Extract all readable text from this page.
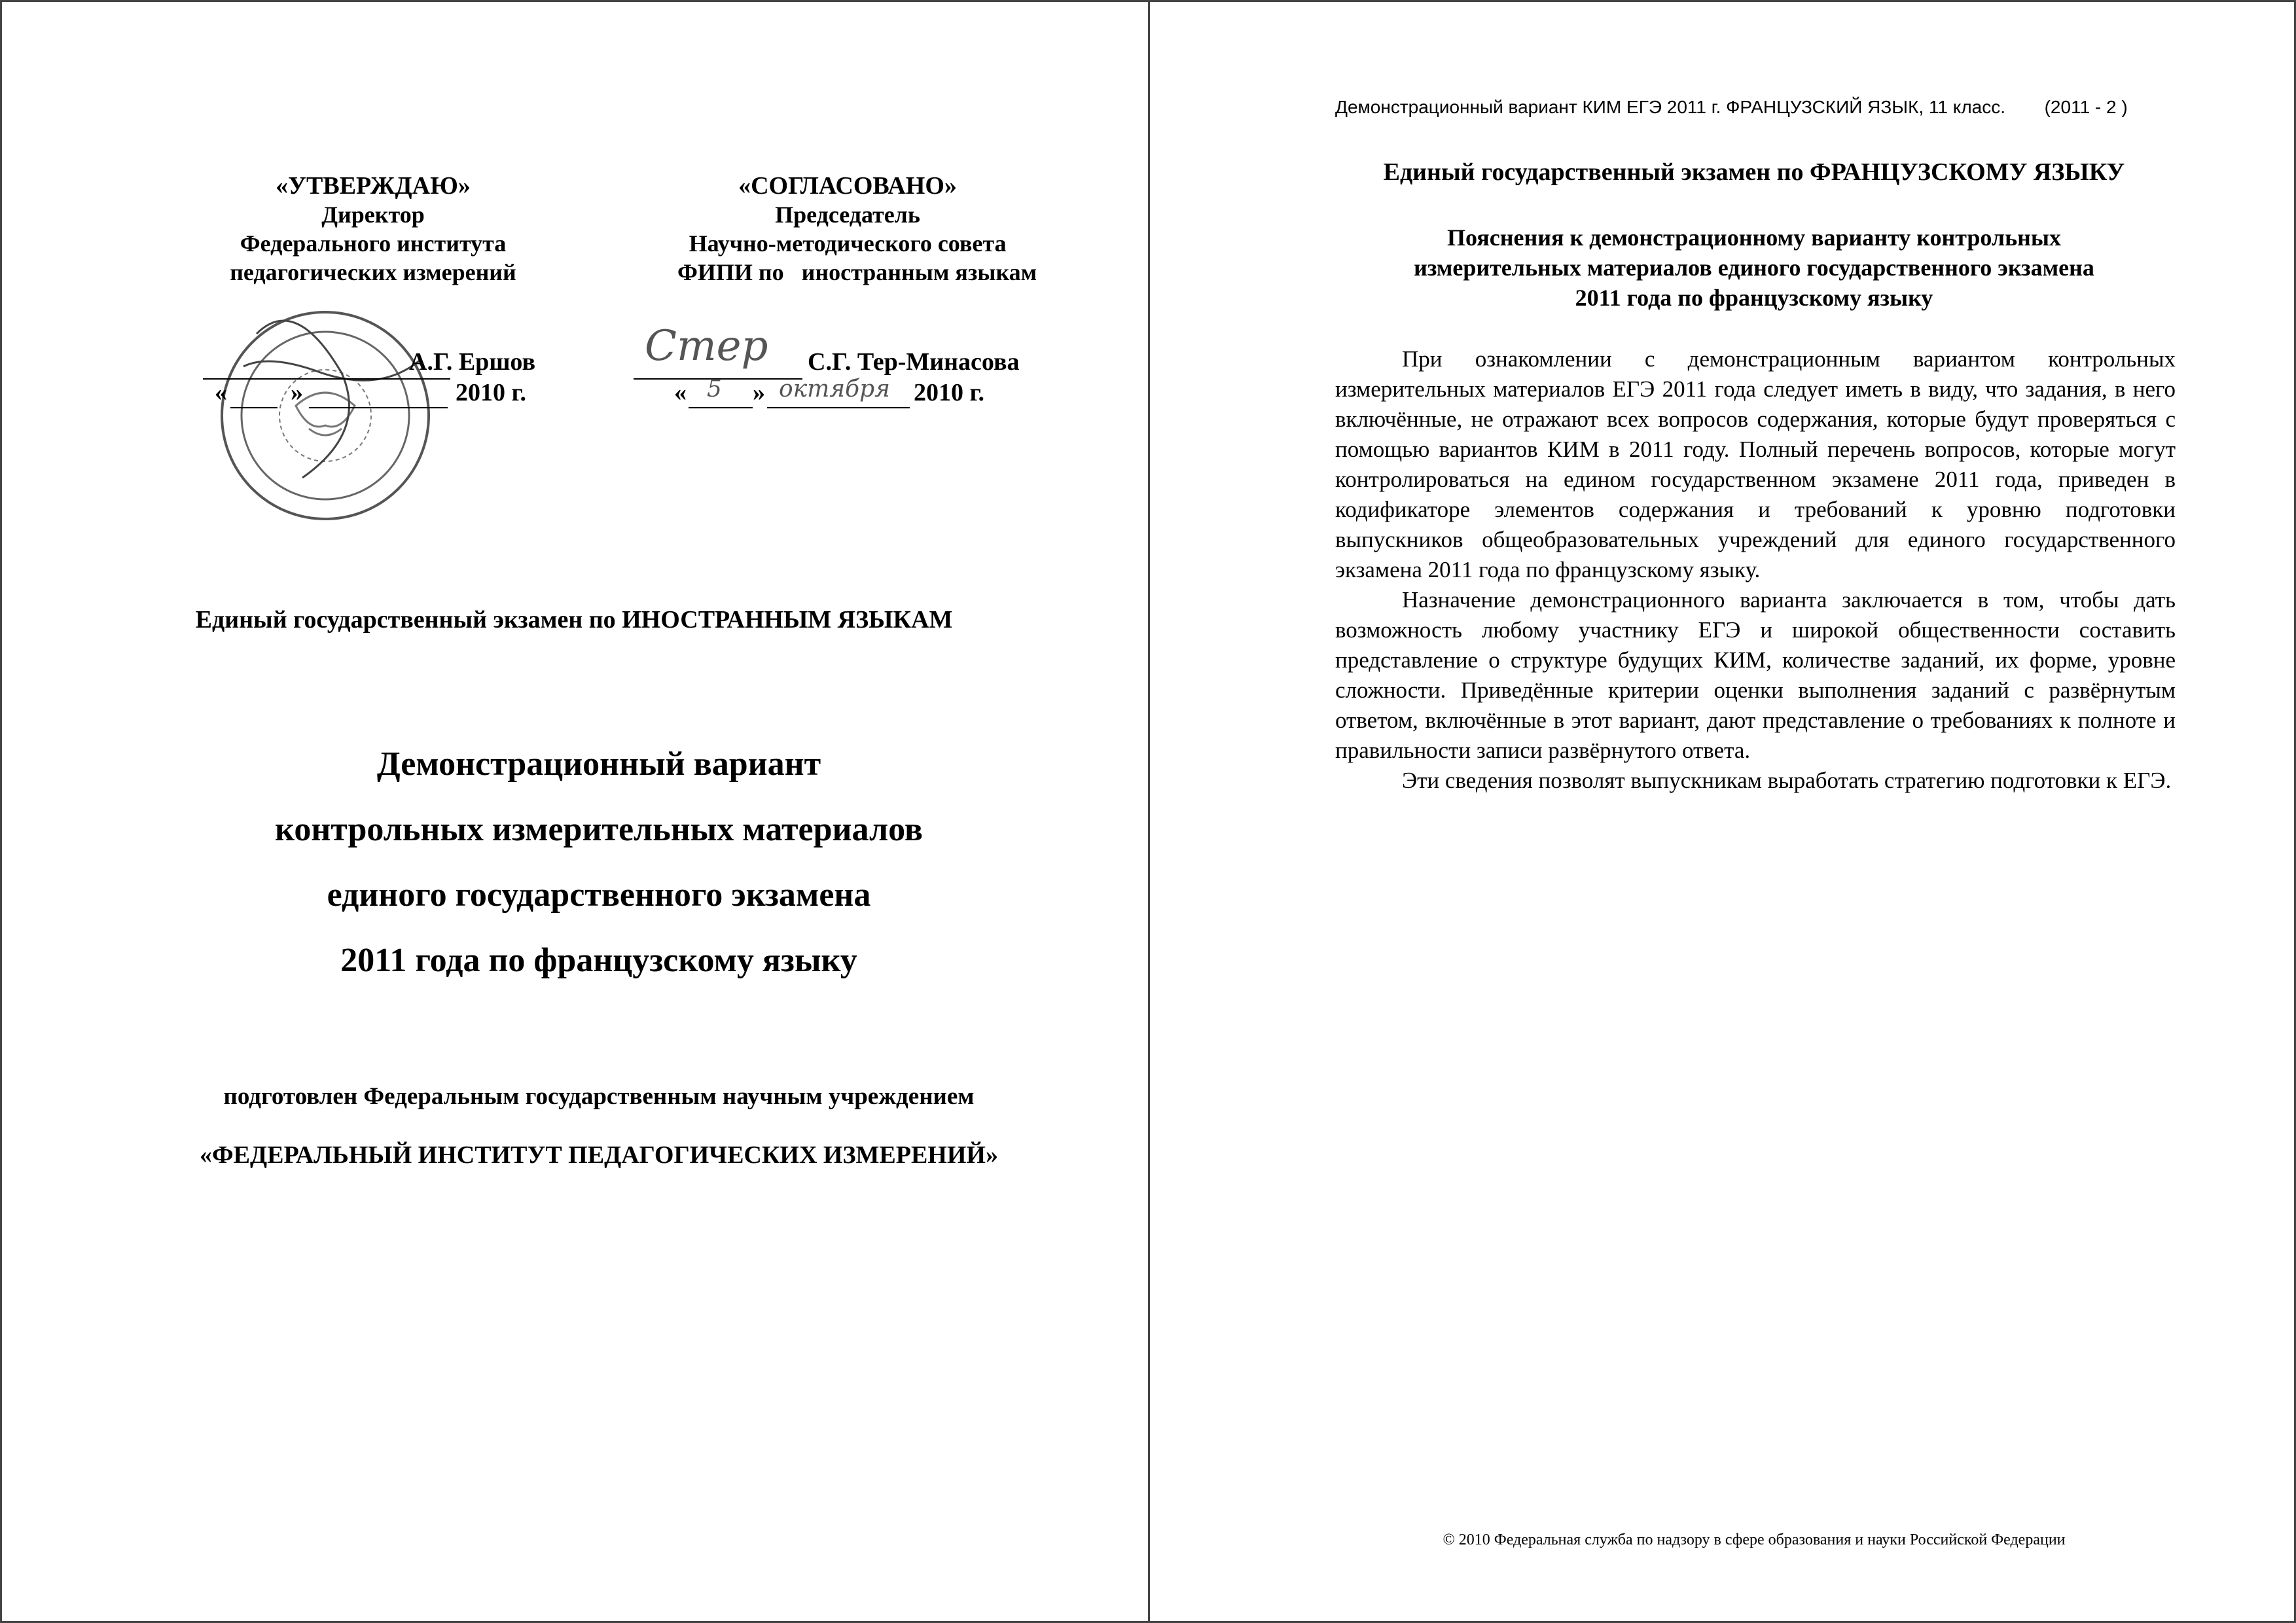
«УТВЕРЖДАЮ»
Директор
Федерального института
педагогических измерений
А.Г. Ершов
«	»	2010 г.
«СОГЛАСОВАНО»
Председатель
Научно-методического совета
ФИПИ по   иностранным языкам
Стер С.Г. Тер-Минасова
« 5 » октября 2010 г.
Единый государственный экзамен по ИНОСТРАННЫМ ЯЗЫКАМ
Демонстрационный вариант
контрольных измерительных материалов
единого государственного экзамена
2011 года по французскому языку
подготовлен Федеральным государственным научным учреждением
«ФЕДЕРАЛЬНЫЙ ИНСТИТУТ ПЕДАГОГИЧЕСКИХ ИЗМЕРЕНИЙ»
Демонстрационный вариант КИМ ЕГЭ 2011 г. ФРАНЦУЗСКИЙ ЯЗЫК, 11 класс. (2011 - 2 )
Единый государственный экзамен по ФРАНЦУЗСКОМУ ЯЗЫКУ
Пояснения к демонстрационному варианту контрольных
измерительных материалов единого государственного экзамена
2011 года по французскому языку

При ознакомлении с демонстрационным вариантом контрольных измерительных материалов ЕГЭ 2011 года следует иметь в виду, что задания, в него включённые, не отражают всех вопросов содержания, которые будут проверяться с помощью вариантов КИМ в 2011 году. Полный перечень вопросов, которые могут контролироваться на едином государственном экзамене 2011 года, приведен в кодификаторе элементов содержания и требований к уровню подготовки выпускников общеобразовательных учреждений для единого государственного экзамена 2011 года по французскому языку.

Назначение демонстрационного варианта заключается в том, чтобы дать возможность любому участнику ЕГЭ и широкой общественности составить представление о структуре будущих КИМ, количестве заданий, их форме, уровне сложности. Приведённые критерии оценки выполнения заданий с развёрнутым ответом, включённые в этот вариант, дают представление о требованиях к полноте и правильности записи развёрнутого ответа.

Эти сведения позволят выпускникам выработать стратегию подготовки к ЕГЭ.

© 2010 Федеральная служба по надзору в сфере образования и науки Российской Федерации
